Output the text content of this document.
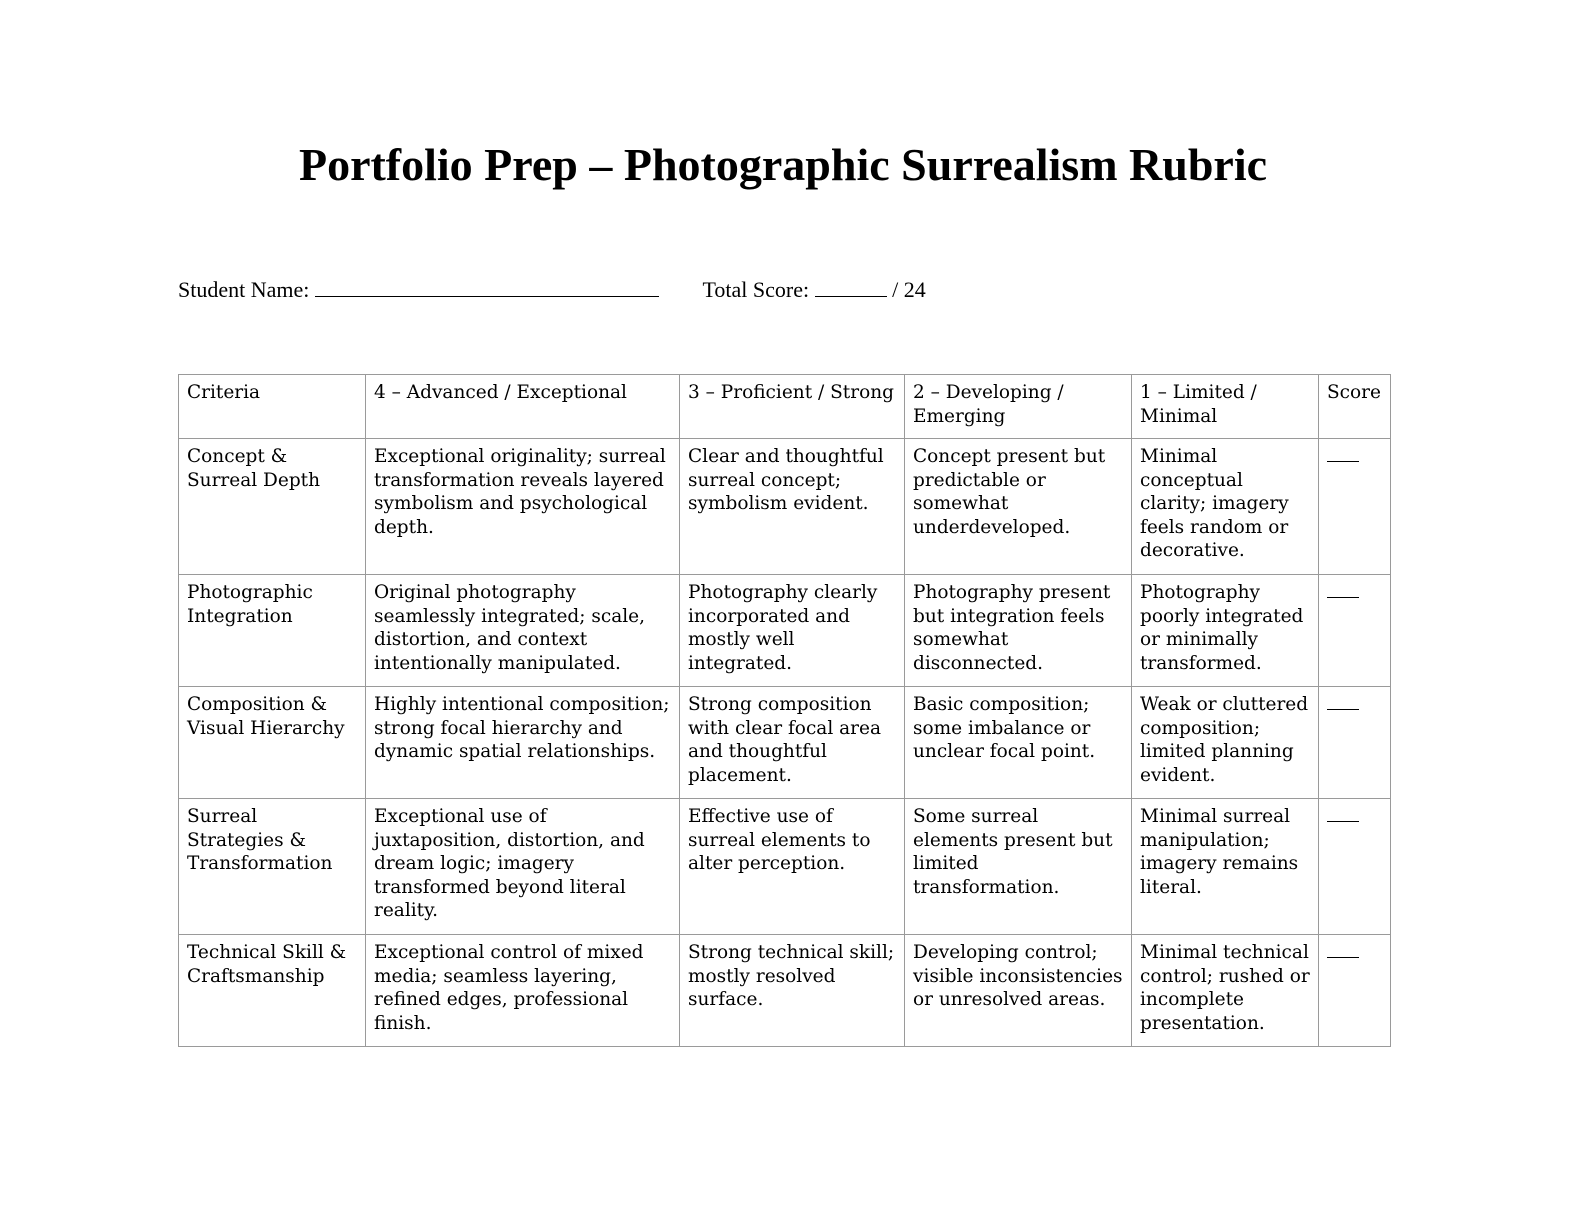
Portfolio Prep – Photographic Surrealism Rubric
Student Name:	Total Score:	/ 24
Criteria	4 – Advanced / Exceptional	3 – Proficient / Strong	2 – Developing / Emerging	1 – Limited / Minimal	Score
Concept & Surreal Depth	Exceptional originality; surreal transformation reveals layered symbolism and psychological depth.	Clear and thoughtful surreal concept; symbolism evident.	Concept present but predictable or somewhat underdeveloped.	Minimal conceptual clarity; imagery feels random or decorative.	
Photographic Integration	Original photography seamlessly integrated; scale, distortion, and context intentionally manipulated.	Photography clearly incorporated and mostly well integrated.	Photography present but integration feels somewhat disconnected.	Photography poorly integrated or minimally transformed.	
Composition & Visual Hierarchy	Highly intentional composition; strong focal hierarchy and dynamic spatial relationships.	Strong composition with clear focal area and thoughtful placement.	Basic composition; some imbalance or unclear focal point.	Weak or cluttered composition; limited planning evident.	
Surreal Strategies & Transformation	Exceptional use of juxtaposition, distortion, and dream logic; imagery transformed beyond literal reality.	Effective use of surreal elements to alter perception.	Some surreal elements present but limited transformation.	Minimal surreal manipulation; imagery remains literal.	
Technical Skill & Craftsmanship	Exceptional control of mixed media; seamless layering, refined edges, professional finish.	Strong technical skill; mostly resolved surface.	Developing control; visible inconsistencies or unresolved areas.	Minimal technical control; rushed or incomplete presentation.	
